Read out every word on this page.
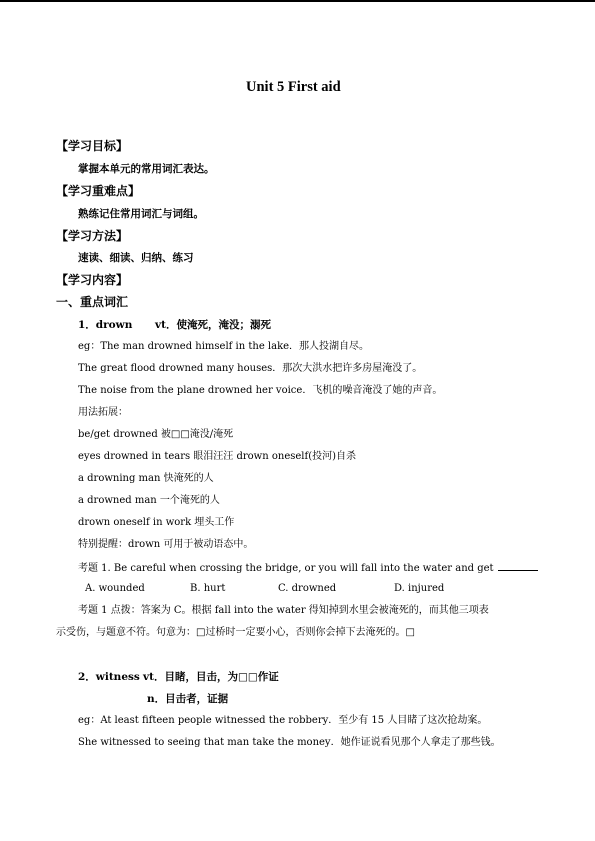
Unit 5 First aid
【学习目标】
掌握本单元的常用词汇表达。
【学习重难点】
熟练记住常用词汇与词组。
【学习方法】
速读、细读、归纳、练习
【学习内容】
一、重点词汇
1．drown vt．使淹死，淹没；溺死
eg：The man drowned himself in the lake．那人投湖自尽。
The great flood drowned many houses．那次大洪水把许多房屋淹没了。
The noise from the plane drowned her voice．飞机的噪音淹没了她的声音。
用法拓展：
be/get drowned 被□□淹没/淹死
eyes drowned in tears 眼泪汪汪 drown oneself(投河)自杀
a drowning man 快淹死的人
a drowned man 一个淹死的人
drown oneself in work 埋头工作
特别提醒：drown 可用于被动语态中。
考题 1. Be careful when crossing the bridge, or you will fall into the water and get
A. wounded	B. hurt	C. drowned	D. injured
考题 1 点拨：答案为 C。根据 fall into the water 得知掉到水里会被淹死的，而其他三项表
示受伤，与题意不符。句意为：□过桥时一定要小心，否则你会掉下去淹死的。□
2．witness vt．目睹，目击，为□□作证
n．目击者，证据
eg：At least fifteen people witnessed the robbery．至少有 15 人目睹了这次抢劫案。
She witnessed to seeing that man take the money．她作证说看见那个人拿走了那些钱。
